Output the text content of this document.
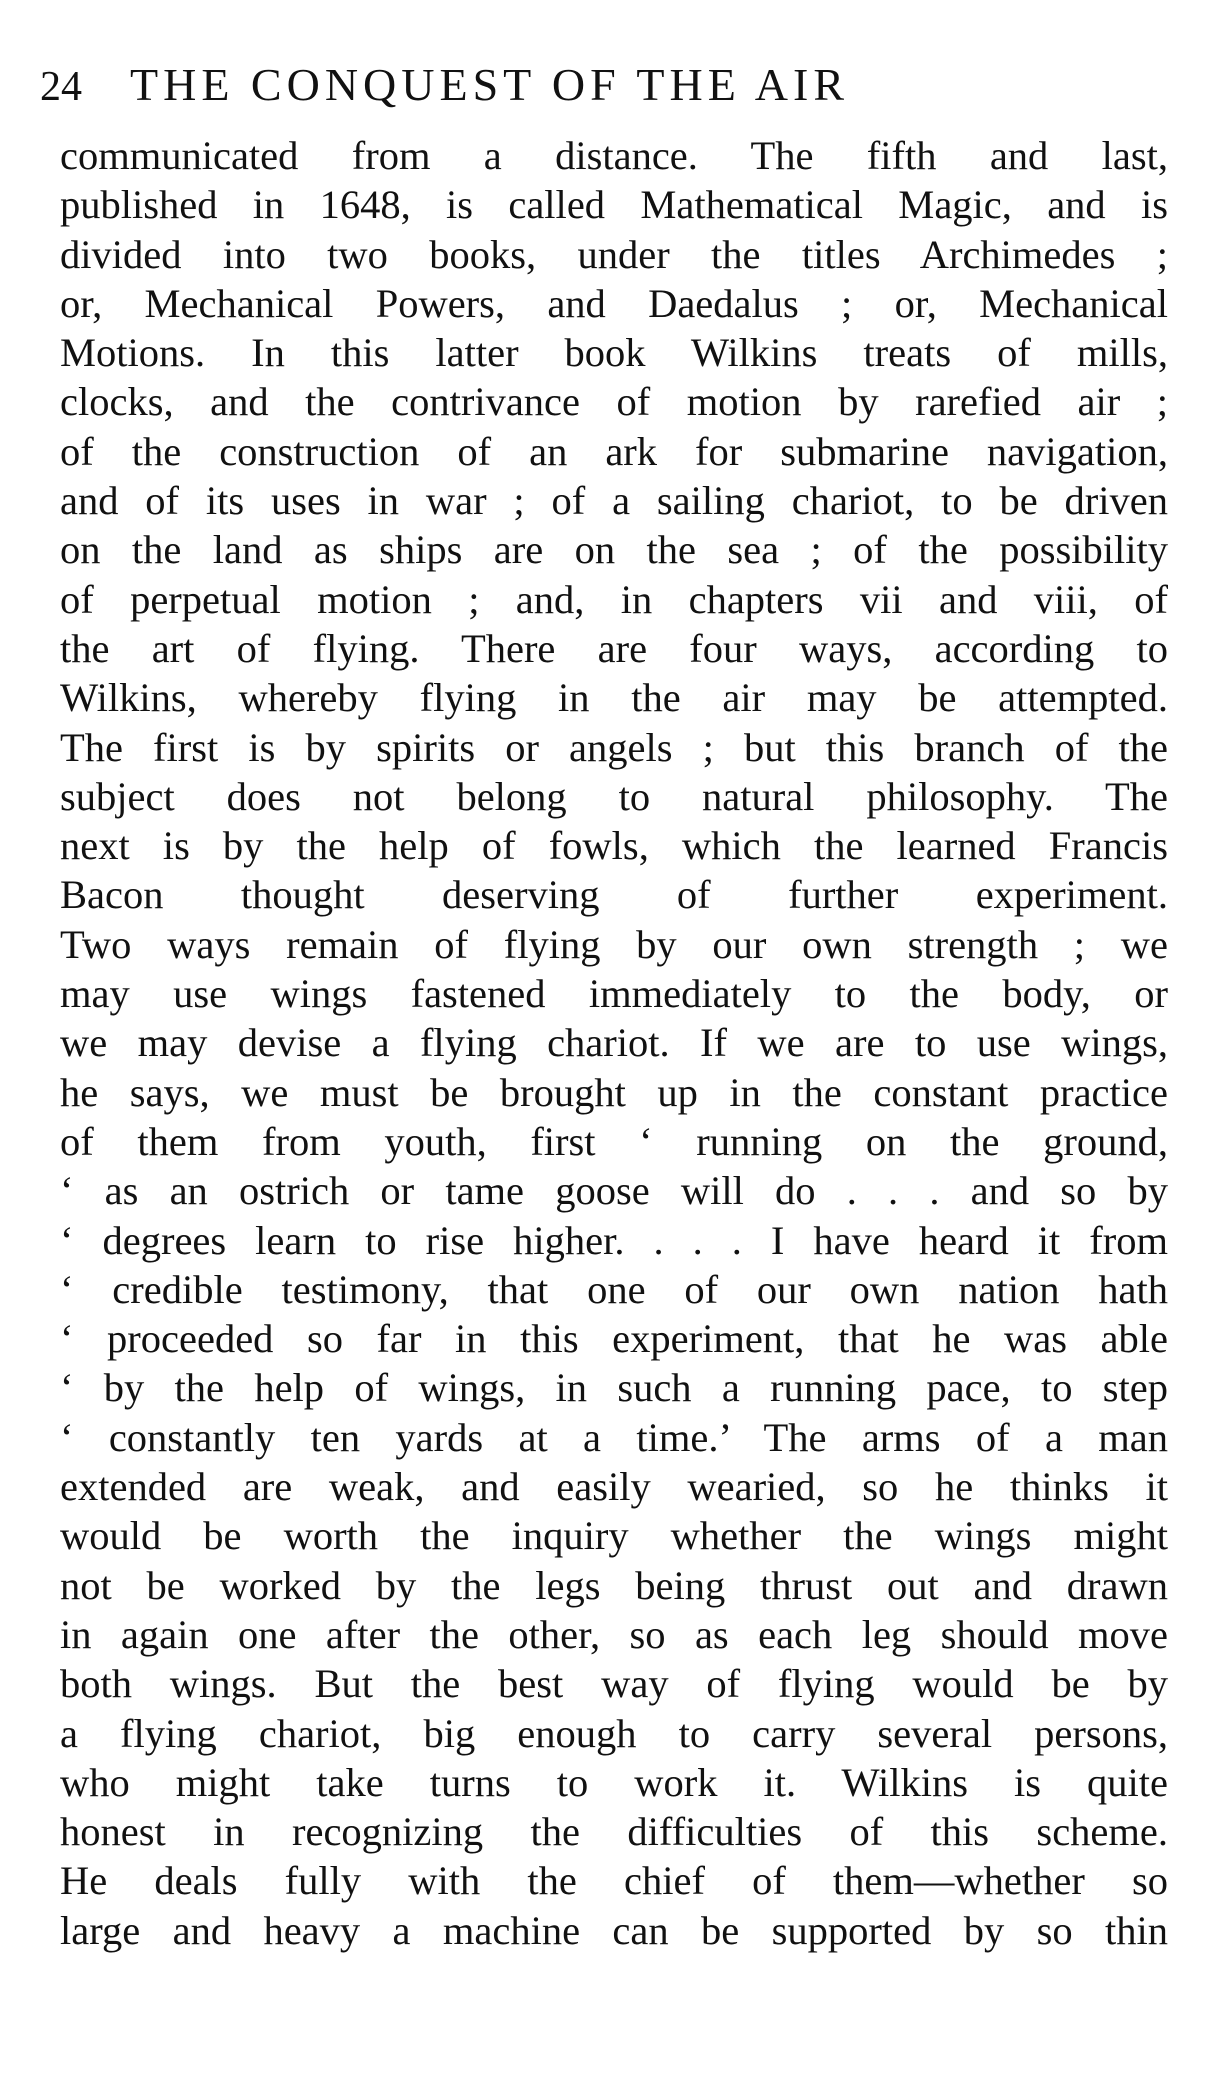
24 THE CONQUEST OF THE AIR
communicated from a distance. The fifth and last,
published in 1648, is called Mathematical Magic, and is
divided into two books, under the titles Archimedes ;
or, Mechanical Powers, and Daedalus ; or, Mechanical
Motions. In this latter book Wilkins treats of mills,
clocks, and the contrivance of motion by rarefied air ;
of the construction of an ark for submarine navigation,
and of its uses in war ; of a sailing chariot, to be driven
on the land as ships are on the sea ; of the possibility
of perpetual motion ; and, in chapters vii and viii, of
the art of flying. There are four ways, according to
Wilkins, whereby flying in the air may be attempted.
The first is by spirits or angels ; but this branch of the
subject does not belong to natural philosophy. The
next is by the help of fowls, which the learned Francis
Bacon thought deserving of further experiment.
Two ways remain of flying by our own strength ; we
may use wings fastened immediately to the body, or
we may devise a flying chariot. If we are to use wings,
he says, we must be brought up in the constant practice
of them from youth, first ‘ running on the ground,
‘ as an ostrich or tame goose will do . . . and so by
‘ degrees learn to rise higher. . . . I have heard it from
‘ credible testimony, that one of our own nation hath
‘ proceeded so far in this experiment, that he was able
‘ by the help of wings, in such a running pace, to step
‘ constantly ten yards at a time.’ The arms of a man
extended are weak, and easily wearied, so he thinks it
would be worth the inquiry whether the wings might
not be worked by the legs being thrust out and drawn
in again one after the other, so as each leg should move
both wings. But the best way of flying would be by
a flying chariot, big enough to carry several persons,
who might take turns to work it. Wilkins is quite
honest in recognizing the difficulties of this scheme.
He deals fully with the chief of them—whether so
large and heavy a machine can be supported by so thin
